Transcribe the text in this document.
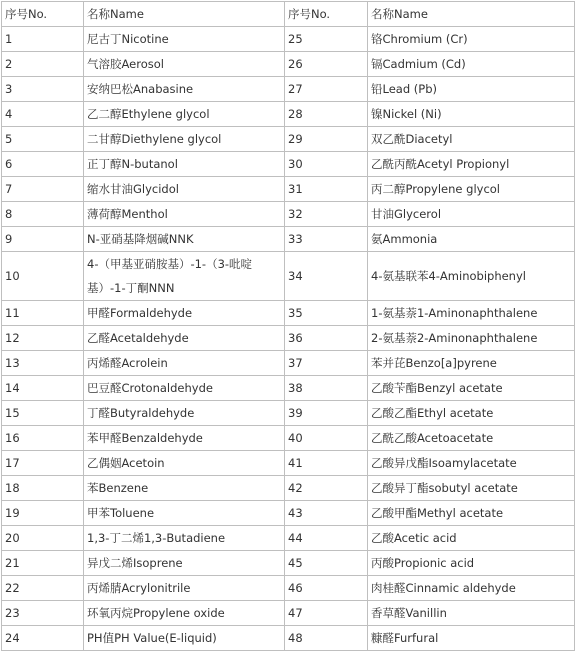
序号No.	名称Name	序号No.	名称Name
1	尼古丁Nicotine	25	铬Chromium (Cr)
2	气溶胶Aerosol	26	镉Cadmium (Cd)
3	安纳巴松Anabasine	27	铅Lead (Pb)
4	乙二醇Ethylene glycol	28	镍Nickel (Ni)
5	二甘醇Diethylene glycol	29	双乙酰Diacetyl
6	正丁醇N-butanol	30	乙酰丙酰Acetyl Propionyl
7	缩水甘油Glycidol	31	丙二醇Propylene glycol
8	薄荷醇Menthol	32	甘油Glycerol
9	N-亚硝基降烟碱NNK	33	氨Ammonia
10	4-（甲基亚硝胺基）-1-（3-吡啶基）-1-丁酮NNN	34	4-氨基联苯4-Aminobiphenyl
11	甲醛Formaldehyde	35	1-氨基萘1-Aminonaphthalene
12	乙醛Acetaldehyde	36	2-氨基萘2-Aminonaphthalene
13	丙烯醛Acrolein	37	苯并芘Benzo[a]pyrene
14	巴豆醛Crotonaldehyde	38	乙酸苄酯Benzyl acetate
15	丁醛Butyraldehyde	39	乙酸乙酯Ethyl acetate
16	苯甲醛Benzaldehyde	40	乙酰乙酸Acetoacetate
17	乙偶姻Acetoin	41	乙酸异戊酯Isoamylacetate
18	苯Benzene	42	乙酸异丁酯sobutyl acetate
19	甲苯Toluene	43	乙酸甲酯Methyl acetate
20	1,3-丁二烯1,3-Butadiene	44	乙酸Acetic acid
21	异戊二烯Isoprene	45	丙酸Propionic acid
22	丙烯腈Acrylonitrile	46	肉桂醛Cinnamic aldehyde
23	环氧丙烷Propylene oxide	47	香草醛Vanillin
24	PH值PH Value(E-liquid)	48	糠醛Furfural
